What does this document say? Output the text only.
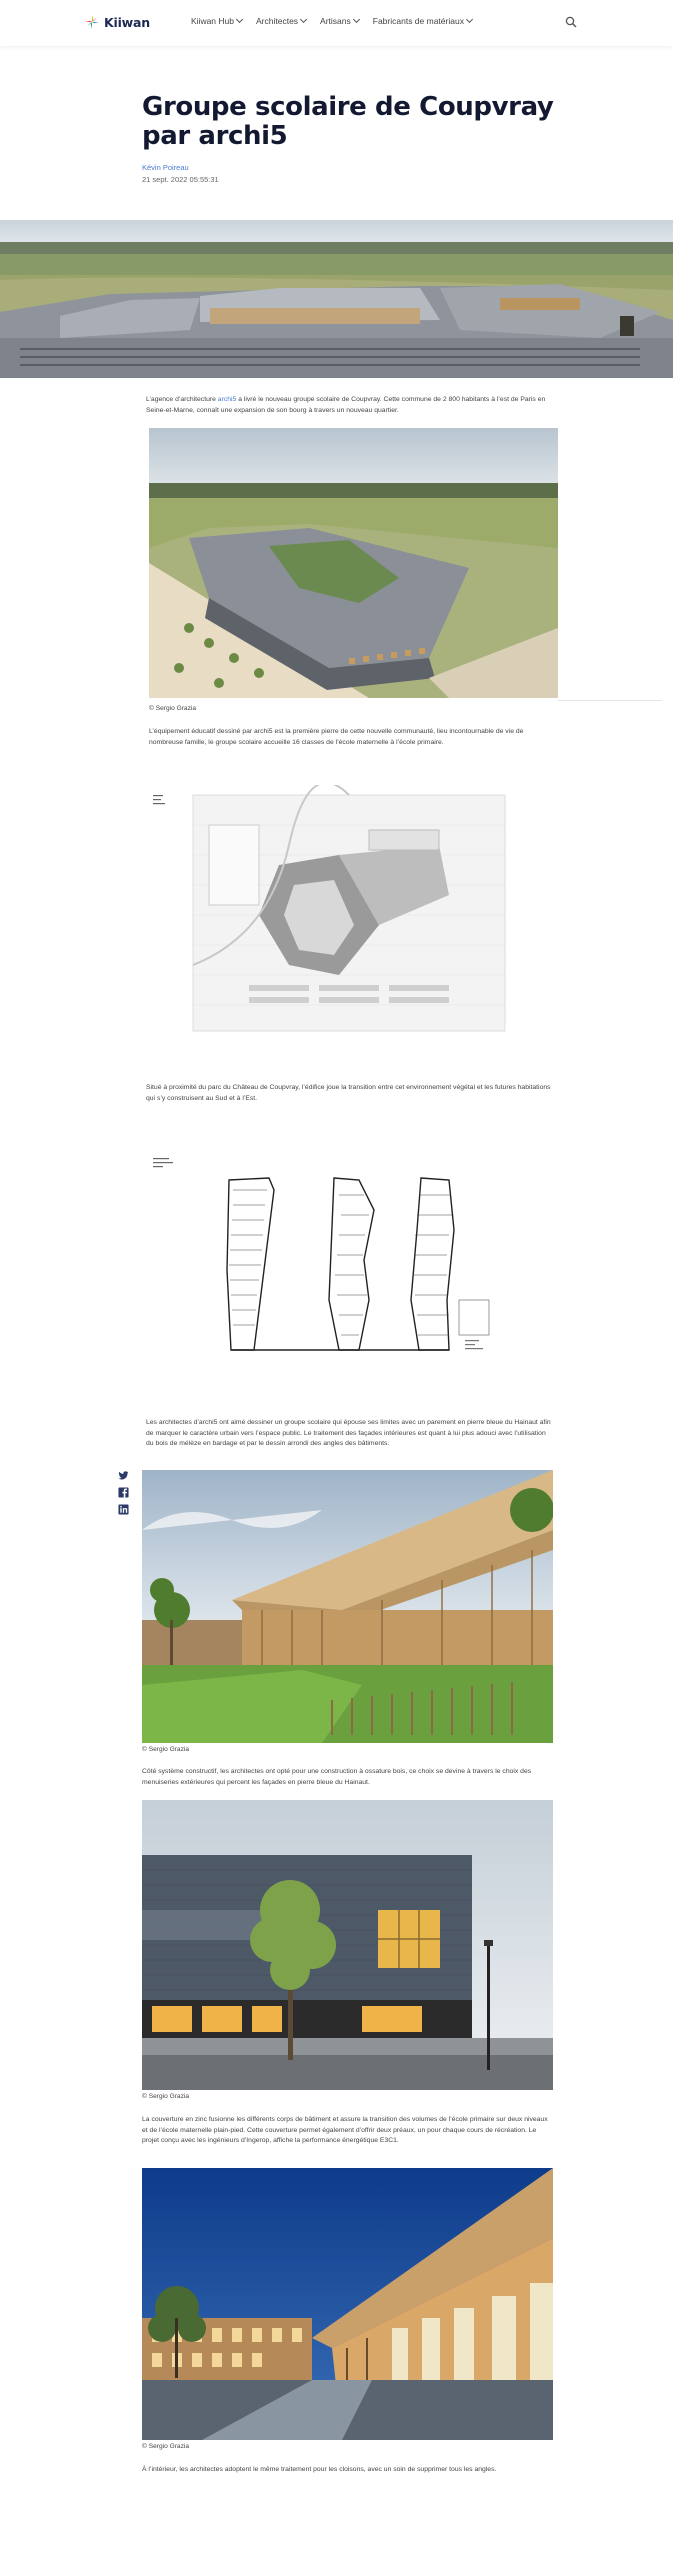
Kiiwan	Kiiwan Hub	Architectes	Artisans	Fabricants de matériaux
Groupe scolaire de Coupvray par archi5
Kévin Poireau
21 sept. 2022 05:55:31

L’agence d’architecture archi5 a livré le nouveau groupe scolaire de Coupvray. Cette commune de 2 800 habitants à l’est de Paris en Seine-et-Marne, connaît une expansion de son bourg à travers un nouveau quartier.

© Sergio Grazia

L’équipement éducatif dessiné par archi5 est la première pierre de cette nouvelle communauté, lieu incontournable de vie de nombreuse famille, le groupe scolaire accueille 16 classes de l’école maternelle à l’école primaire.

Situé à proximité du parc du Château de Coupvray, l’édifice joue la transition entre cet environnement végétal et les futures habitations qui s’y construisent au Sud et à l’Est.

Les architectes d’archi5 ont aimé dessiner un groupe scolaire qui épouse ses limites avec un parement en pierre bleue du Hainaut afin de marquer le caractère urbain vers l’espace public. Le traitement des façades intérieures est quant à lui plus adouci avec l’utilisation du bois de mélèze en bardage et par le dessin arrondi des angles des bâtiments.

© Sergio Grazia

Côté système constructif, les architectes ont opté pour une construction à ossature bois, ce choix se devine à travers le choix des menuiseries extérieures qui percent les façades en pierre bleue du Hainaut.

© Sergio Grazia

La couverture en zinc fusionne les différents corps de bâtiment et assure la transition des volumes de l’école primaire sur deux niveaux et de l’école maternelle plain-pied. Cette couverture permet également d’offrir deux préaux, un pour chaque cours de récréation. Le projet conçu avec les ingénieurs d’Ingerop, affiche la performance énergétique E3C1.

© Sergio Grazia

À l’intérieur, les architectes adoptent le même traitement pour les cloisons, avec un soin de supprimer tous les angles.
